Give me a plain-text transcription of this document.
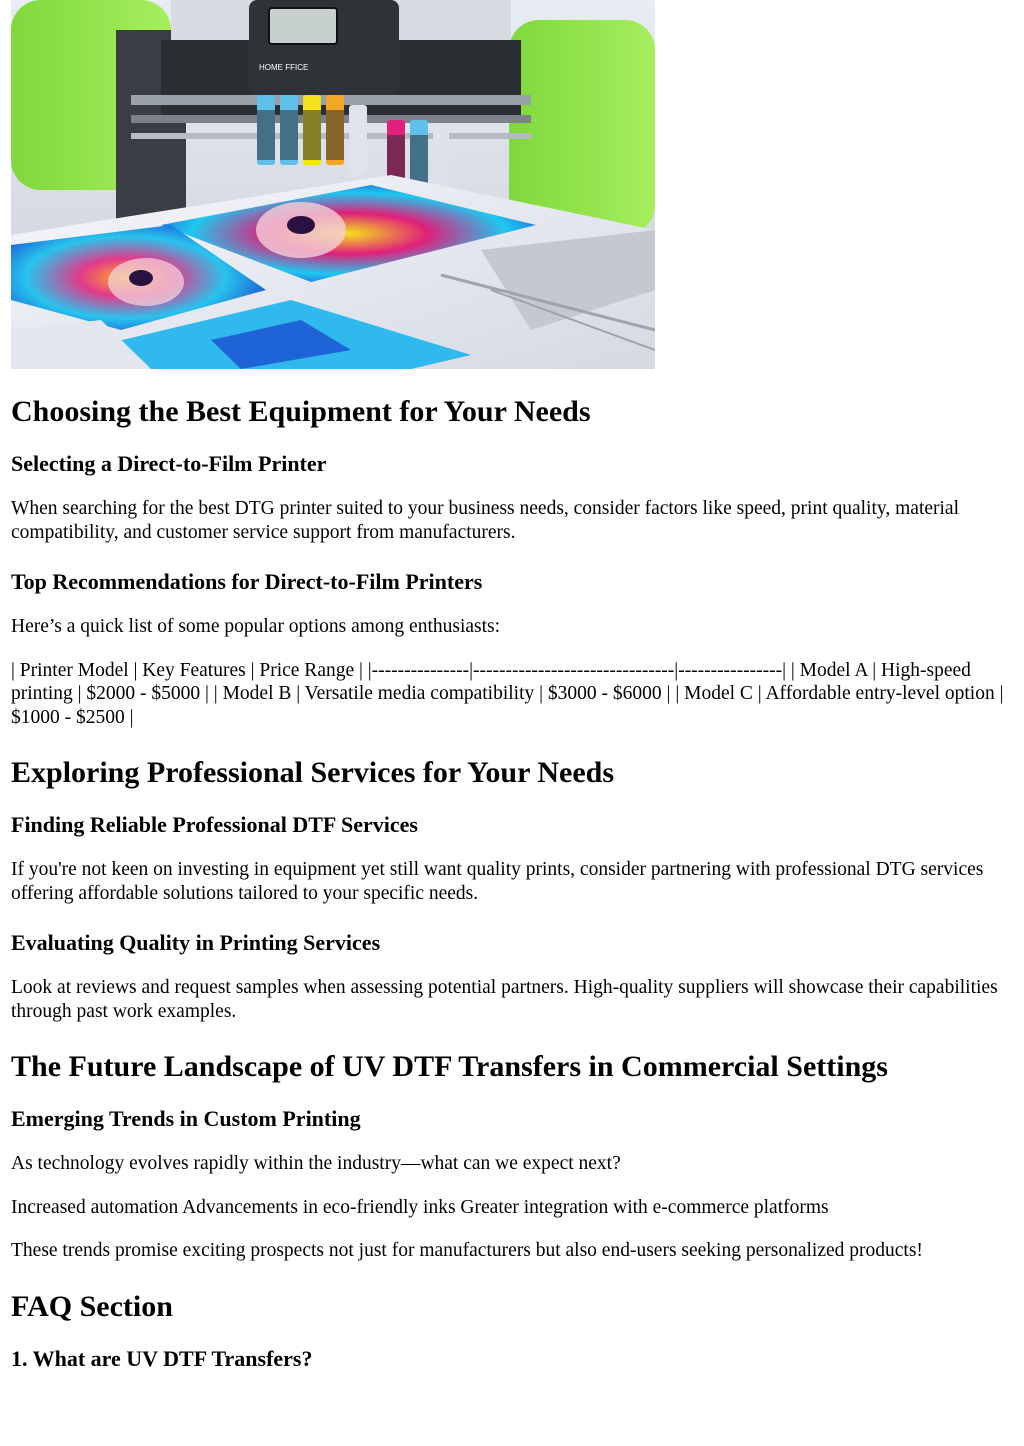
HOME FFICE
Choosing the Best Equipment for Your Needs
Selecting a Direct-to-Film Printer

When searching for the best DTG printer suited to your business needs, consider factors like speed, print quality, material compatibility, and customer service support from manufacturers.

Top Recommendations for Direct-to-Film Printers

Here’s a quick list of some popular options among enthusiasts:

| Printer Model | Key Features | Price Range | |---------------|-------------------------------|----------------| | Model A | High-speed printing | $2000 - $5000 | | Model B | Versatile media compatibility | $3000 - $6000 | | Model C | Affordable entry-level option | $1000 - $2500 |

Exploring Professional Services for Your Needs
Finding Reliable Professional DTF Services

If you're not keen on investing in equipment yet still want quality prints, consider partnering with professional DTG services offering affordable solutions tailored to your specific needs.

Evaluating Quality in Printing Services

Look at reviews and request samples when assessing potential partners. High-quality suppliers will showcase their capabilities through past work examples.

The Future Landscape of UV DTF Transfers in Commercial Settings
Emerging Trends in Custom Printing

As technology evolves rapidly within the industry—what can we expect next?

Increased automation Advancements in eco-friendly inks Greater integration with e-commerce platforms

These trends promise exciting prospects not just for manufacturers but also end-users seeking personalized products!

FAQ Section
1. What are UV DTF Transfers?
